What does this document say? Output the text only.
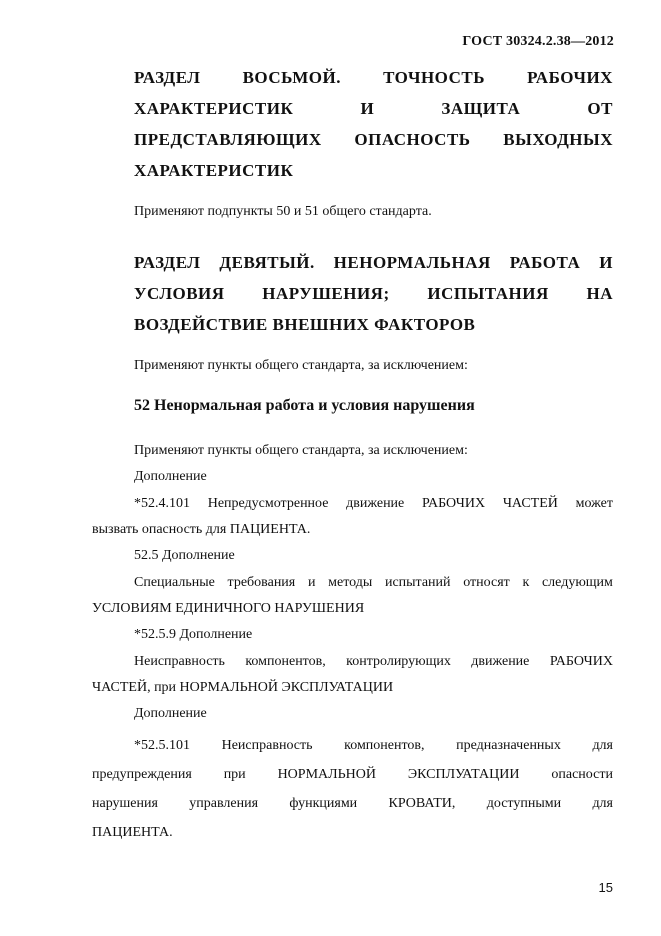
ГОСТ 30324.2.38—2012
РАЗДЕЛ ВОСЬМОЙ. ТОЧНОСТЬ РАБОЧИХ
ХАРАКТЕРИСТИК	И	ЗАЩИТА	ОТ
ПРЕДСТАВЛЯЮЩИХ ОПАСНОСТЬ ВЫХОДНЫХ
ХАРАКТЕРИСТИК
Применяют подпункты 50 и 51 общего стандарта.
РАЗДЕЛ ДЕВЯТЫЙ. НЕНОРМАЛЬНАЯ РАБОТА И
УСЛОВИЯ НАРУШЕНИЯ; ИСПЫТАНИЯ НА
ВОЗДЕЙСТВИЕ ВНЕШНИХ ФАКТОРОВ
Применяют пункты общего стандарта, за исключением:
52 Ненормальная работа и условия нарушения
Применяют пункты общего стандарта, за исключением:
Дополнение
*52.4.101 Непредусмотренное движение РАБОЧИХ ЧАСТЕЙ может
вызвать опасность для ПАЦИЕНТА.
52.5 Дополнение
Специальные требования и методы испытаний относят к следующим
УСЛОВИЯМ ЕДИНИЧНОГО НАРУШЕНИЯ
*52.5.9 Дополнение
Неисправность компонентов, контролирующих движение РАБОЧИХ
ЧАСТЕЙ, при НОРМАЛЬНОЙ ЭКСПЛУАТАЦИИ
Дополнение
*52.5.101 Неисправность компонентов, предназначенных для
предупреждения при НОРМАЛЬНОЙ ЭКСПЛУАТАЦИИ опасности
нарушения управления функциями КРОВАТИ, доступными для
ПАЦИЕНТА.
15
